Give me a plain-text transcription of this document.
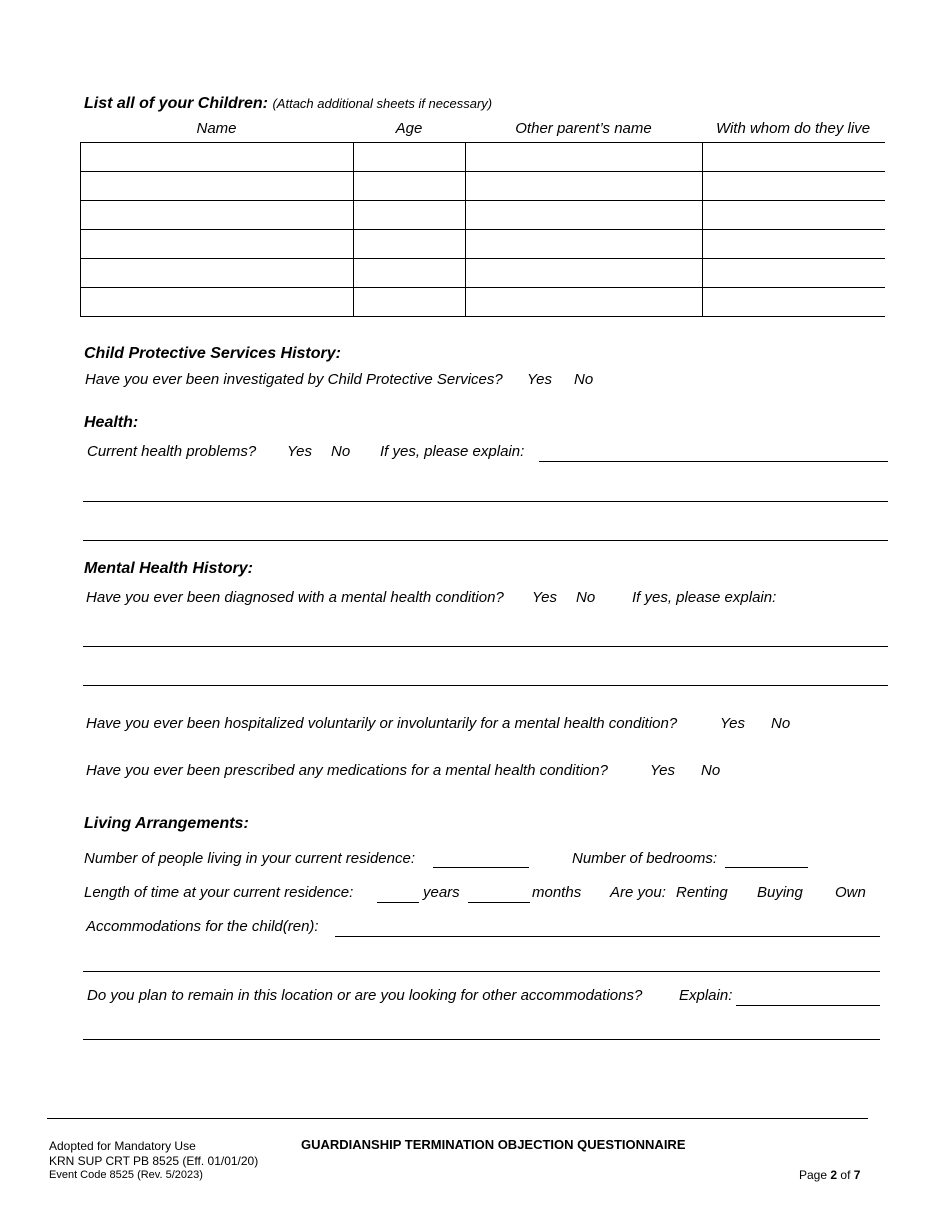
List all of your Children: (Attach additional sheets if necessary)
Name	Age	Other parent’s name	With whom do they live

Child Protective Services History:
Have you ever been investigated by Child Protective Services? Yes No
Health:
Current health problems? Yes No If yes, please explain:
Mental Health History:
Have you ever been diagnosed with a mental health condition? Yes No If yes, please explain:
Have you ever been hospitalized voluntarily or involuntarily for a mental health condition?	Yes No
Have you ever been prescribed any medications for a mental health condition?	Yes No
Living Arrangements:
Number of people living in your current residence:	Number of bedrooms:
Length of time at your current residence:	years	months Are you: Renting Buying Own
Accommodations for the child(ren):
Do you plan to remain in this location or are you looking for other accommodations? Explain:
Adopted for Mandatory Use
KRN SUP CRT PB 8525 (Eff. 01/01/20)
Event Code 8525 (Rev. 5/2023)
GUARDIANSHIP TERMINATION OBJECTION QUESTIONNAIRE
Page 2 of 7
